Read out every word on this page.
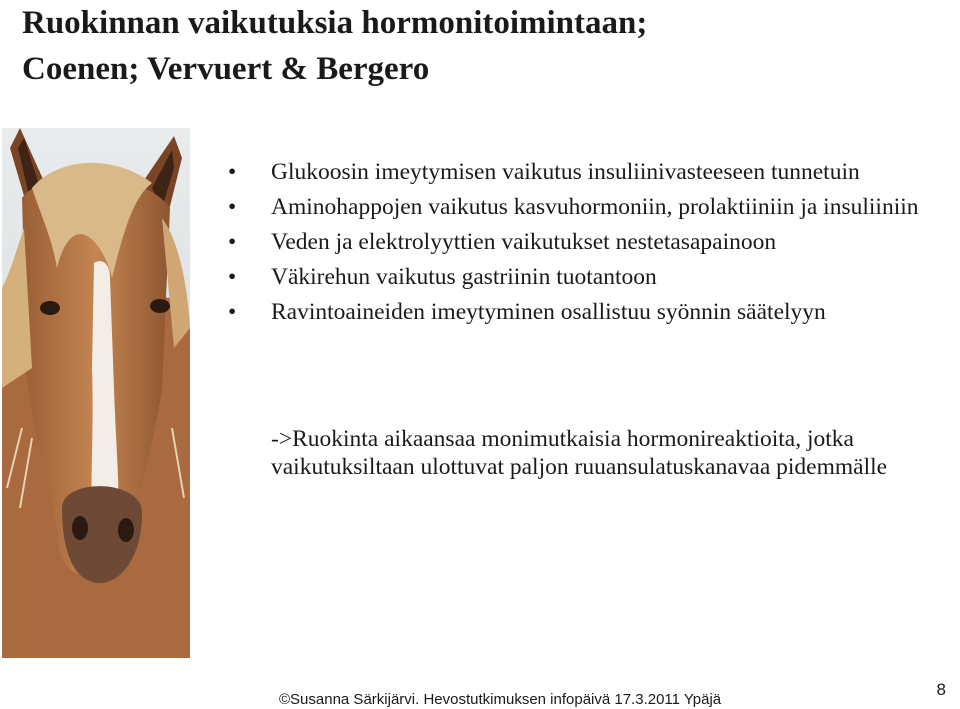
Ruokinnan vaikutuksia hormonitoimintaan;
Coenen; Vervuert & Bergero
• Glukoosin imeytymisen vaikutus insuliinivasteeseen tunnetuin
• Aminohappojen vaikutus kasvuhormoniin, prolaktiiniin ja insuliiniin
• Veden ja elektrolyyttien vaikutukset nestetasapainoon
• Väkirehun vaikutus gastriinin tuotantoon
• Ravintoaineiden imeytyminen osallistuu syönnin säätelyyn

->Ruokinta aikaansaa monimutkaisia hormonireaktioita, jotka vaikutuksiltaan ulottuvat paljon ruuansulatuskanavaa pidemmälle

©Susanna Särkijärvi. Hevostutkimuksen infopäivä 17.3.2011 Ypäjä
8
